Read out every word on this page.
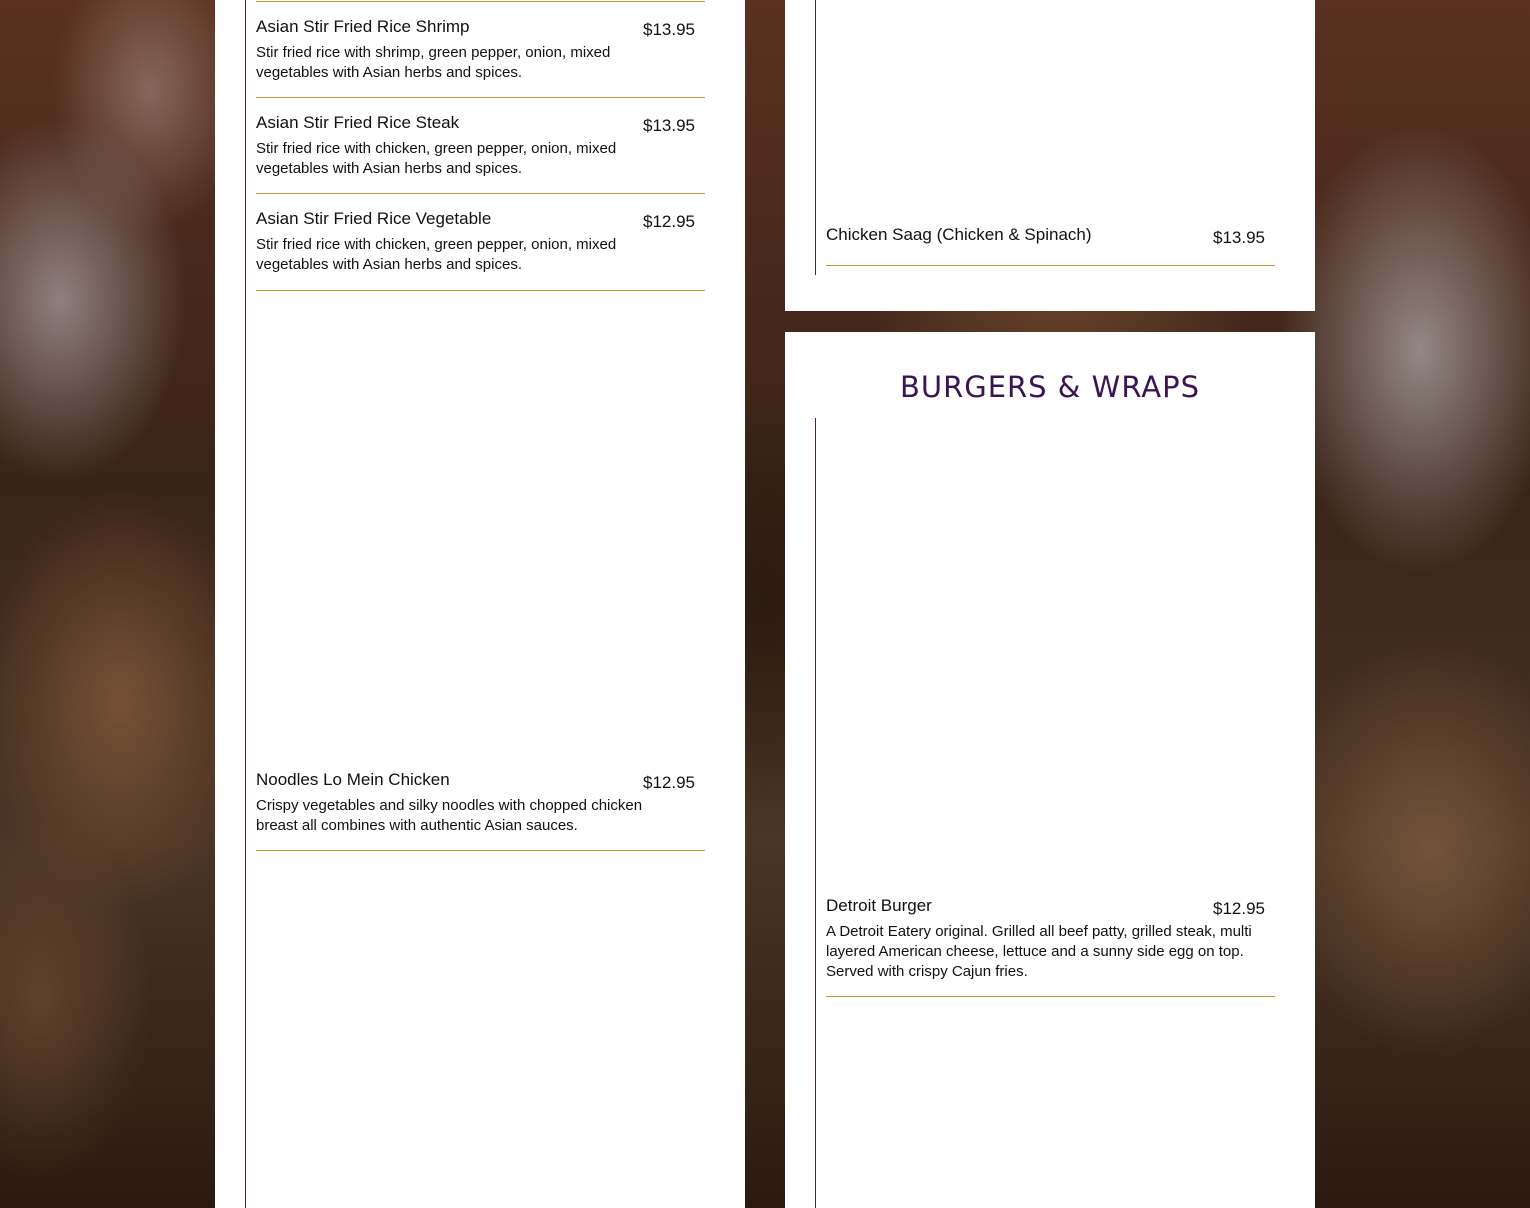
Asian Stir Fried Rice Shrimp	$13.95
Stir fried rice with shrimp, green pepper, onion, mixed vegetables with Asian herbs and spices.
Asian Stir Fried Rice Steak	$13.95
Stir fried rice with chicken, green pepper, onion, mixed vegetables with Asian herbs and spices.
Asian Stir Fried Rice Vegetable	$12.95
Stir fried rice with chicken, green pepper, onion, mixed vegetables with Asian herbs and spices.
Noodles Lo Mein Chicken	$12.95
Crispy vegetables and silky noodles with chopped chicken breast all combines with authentic Asian sauces.
Chicken Saag (Chicken & Spinach)	$13.95
BURGERS & WRAPS
Detroit Burger	$12.95
A Detroit Eatery original. Grilled all beef patty, grilled steak, multi layered American cheese, lettuce and a sunny side egg on top. Served with crispy Cajun fries.
